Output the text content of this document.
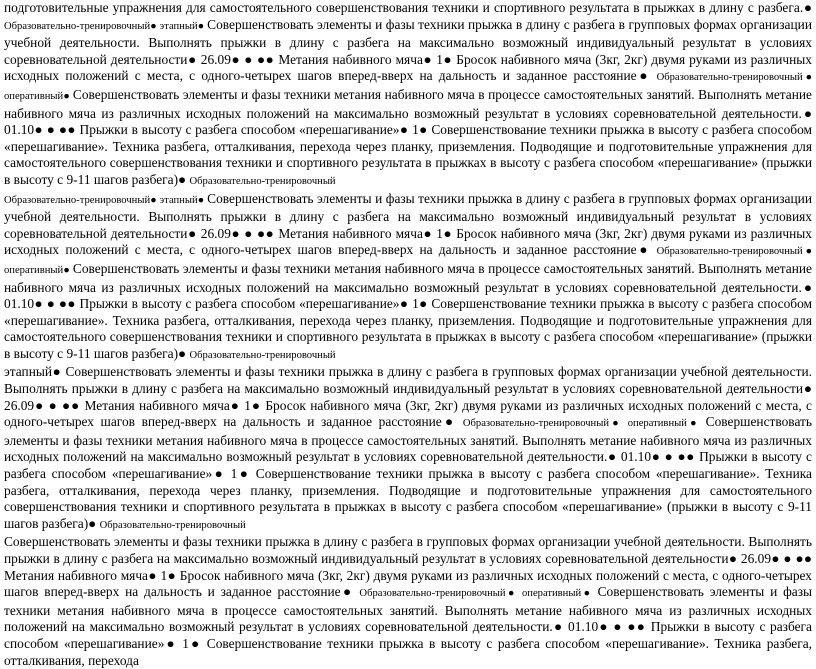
подготовительные упражнения для самостоятельного совершенствования техники и спортивного результата в прыжках в длину с разбега.● Образовательно-тренировочный● этапный● Совершенствовать элементы и фазы техники прыжка в длину с разбега в групповых формах организации учебной деятельности. Выполнять прыжки в длину с разбега на максимально возможный индивидуальный результат в условиях соревновательной деятельности● 26.09● ● ●● Метания набивного мяча● 1● Бросок набивного мяча (3кг, 2кг) двумя руками из различных исходных положений с места, с одного-четырех шагов вперед-вверх на дальность и заданное расстояние● Образовательно-тренировочный● оперативный● Совершенствовать элементы и фазы техники метания набивного мяча в процессе самостоятельных занятий. Выполнять метание набивного мяча из различных исходных положений на максимально возможный результат в условиях соревновательной деятельности.● 01.10● ● ●● Прыжки в высоту с разбега способом «перешагивание»● 1● Совершенствование техники прыжка в высоту с разбега способом «перешагивание». Техника разбега, отталкивания, перехода через планку, приземления. Подводящие и подготовительные упражнения для самостоятельного совершенствования техники и спортивного результата в прыжках в высоту с разбега способом «перешагивание» (прыжки в высоту с 9-11 шагов разбега)● Образовательно-тренировочный

Образовательно-тренировочный● этапный● Совершенствовать элементы и фазы техники прыжка в длину с разбега в групповых формах организации учебной деятельности. Выполнять прыжки в длину с разбега на максимально возможный индивидуальный результат в условиях соревновательной деятельности● 26.09● ● ●● Метания набивного мяча● 1● Бросок набивного мяча (3кг, 2кг) двумя руками из различных исходных положений с места, с одного-четырех шагов вперед-вверх на дальность и заданное расстояние● Образовательно-тренировочный● оперативный● Совершенствовать элементы и фазы техники метания набивного мяча в процессе самостоятельных занятий. Выполнять метание набивного мяча из различных исходных положений на максимально возможный результат в условиях соревновательной деятельности.● 01.10● ● ●● Прыжки в высоту с разбега способом «перешагивание»● 1● Совершенствование техники прыжка в высоту с разбега способом «перешагивание». Техника разбега, отталкивания, перехода через планку, приземления. Подводящие и подготовительные упражнения для самостоятельного совершенствования техники и спортивного результата в прыжках в высоту с разбега способом «перешагивание» (прыжки в высоту с 9-11 шагов разбега)● Образовательно-тренировочный

этапный● Совершенствовать элементы и фазы техники прыжка в длину с разбега в групповых формах организации учебной деятельности. Выполнять прыжки в длину с разбега на максимально возможный индивидуальный результат в условиях соревновательной деятельности● 26.09● ● ●● Метания набивного мяча● 1● Бросок набивного мяча (3кг, 2кг) двумя руками из различных исходных положений с места, с одного-четырех шагов вперед-вверх на дальность и заданное расстояние● Образовательно-тренировочный● оперативный● Совершенствовать элементы и фазы техники метания набивного мяча в процессе самостоятельных занятий. Выполнять метание набивного мяча из различных исходных положений на максимально возможный результат в условиях соревновательной деятельности.● 01.10● ● ●● Прыжки в высоту с разбега способом «перешагивание»● 1● Совершенствование техники прыжка в высоту с разбега способом «перешагивание». Техника разбега, отталкивания, перехода через планку, приземления. Подводящие и подготовительные упражнения для самостоятельного совершенствования техники и спортивного результата в прыжках в высоту с разбега способом «перешагивание» (прыжки в высоту с 9-11 шагов разбега)● Образовательно-тренировочный

Совершенствовать элементы и фазы техники прыжка в длину с разбега в групповых формах организации учебной деятельности. Выполнять прыжки в длину с разбега на максимально возможный индивидуальный результат в условиях соревновательной деятельности● 26.09● ● ●● Метания набивного мяча● 1● Бросок набивного мяча (3кг, 2кг) двумя руками из различных исходных положений с места, с одного-четырех шагов вперед-вверх на дальность и заданное расстояние● Образовательно-тренировочный● оперативный● Совершенствовать элементы и фазы техники метания набивного мяча в процессе самостоятельных занятий. Выполнять метание набивного мяча из различных исходных положений на максимально возможный результат в условиях соревновательной деятельности.● 01.10● ● ●● Прыжки в высоту с разбега способом «перешагивание»● 1● Совершенствование техники прыжка в высоту с разбега способом «перешагивание». Техника разбега, отталкивания, перехода
